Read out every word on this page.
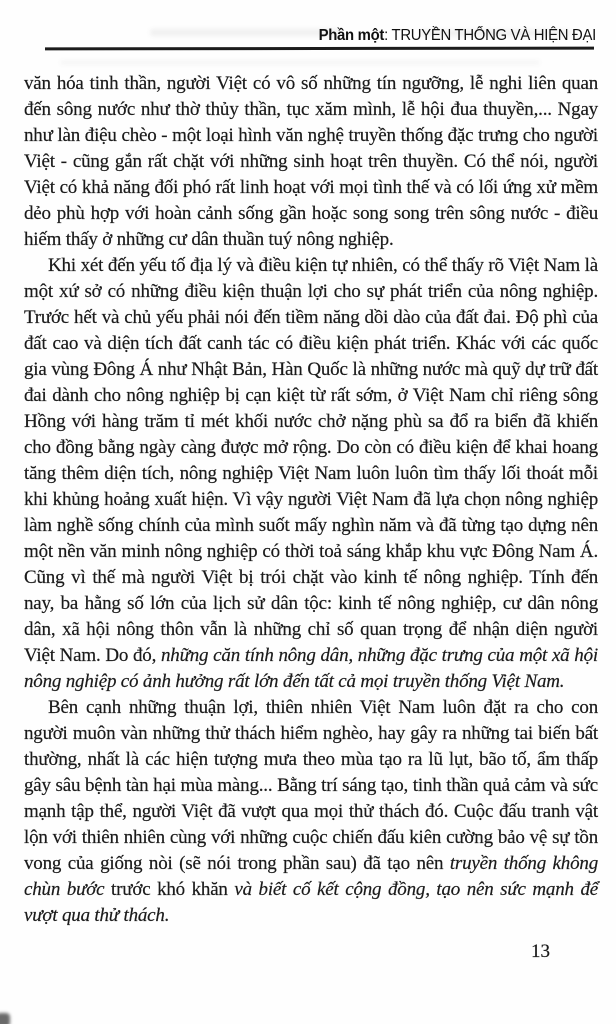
Phần một: TRUYỀN THỐNG VÀ HIỆN ĐẠI

văn hóa tinh thần, người Việt có vô số những tín ngưỡng, lễ nghi liên quan đến sông nước như thờ thủy thần, tục xăm mình, lễ hội đua thuyền,... Ngay như làn điệu chèo - một loại hình văn nghệ truyền thống đặc trưng cho người Việt - cũng gắn rất chặt với những sinh hoạt trên thuyền. Có thể nói, người Việt có khả năng đối phó rất linh hoạt với mọi tình thế và có lối ứng xử mềm dẻo phù hợp với hoàn cảnh sống gần hoặc song song trên sông nước - điều hiếm thấy ở những cư dân thuần tuý nông nghiệp.

Khi xét đến yếu tố địa lý và điều kiện tự nhiên, có thể thấy rõ Việt Nam là một xứ sở có những điều kiện thuận lợi cho sự phát triển của nông nghiệp. Trước hết và chủ yếu phải nói đến tiềm năng dồi dào của đất đai. Độ phì của đất cao và diện tích đất canh tác có điều kiện phát triển. Khác với các quốc gia vùng Đông Á như Nhật Bản, Hàn Quốc là những nước mà quỹ dự trữ đất đai dành cho nông nghiệp bị cạn kiệt từ rất sớm, ở Việt Nam chỉ riêng sông Hồng với hàng trăm tỉ mét khối nước chở nặng phù sa đổ ra biển đã khiến cho đồng bằng ngày càng được mở rộng. Do còn có điều kiện để khai hoang tăng thêm diện tích, nông nghiệp Việt Nam luôn luôn tìm thấy lối thoát mỗi khi khủng hoảng xuất hiện. Vì vậy người Việt Nam đã lựa chọn nông nghiệp làm nghề sống chính của mình suốt mấy nghìn năm và đã từng tạo dựng nên một nền văn minh nông nghiệp có thời toả sáng khắp khu vực Đông Nam Á. Cũng vì thế mà người Việt bị trói chặt vào kinh tế nông nghiệp. Tính đến nay, ba hằng số lớn của lịch sử dân tộc: kinh tế nông nghiệp, cư dân nông dân, xã hội nông thôn vẫn là những chỉ số quan trọng để nhận diện người Việt Nam. Do đó, những căn tính nông dân, những đặc trưng của một xã hội nông nghiệp có ảnh hưởng rất lớn đến tất cả mọi truyền thống Việt Nam.

Bên cạnh những thuận lợi, thiên nhiên Việt Nam luôn đặt ra cho con người muôn vàn những thử thách hiểm nghèo, hay gây ra những tai biến bất thường, nhất là các hiện tượng mưa theo mùa tạo ra lũ lụt, bão tố, ẩm thấp gây sâu bệnh tàn hại mùa màng... Bằng trí sáng tạo, tinh thần quả cảm và sức mạnh tập thể, người Việt đã vượt qua mọi thử thách đó. Cuộc đấu tranh vật lộn với thiên nhiên cùng với những cuộc chiến đấu kiên cường bảo vệ sự tồn vong của giống nòi (sẽ nói trong phần sau) đã tạo nên truyền thống không chùn bước trước khó khăn và biết cố kết cộng đồng, tạo nên sức mạnh để vượt qua thử thách.

13
